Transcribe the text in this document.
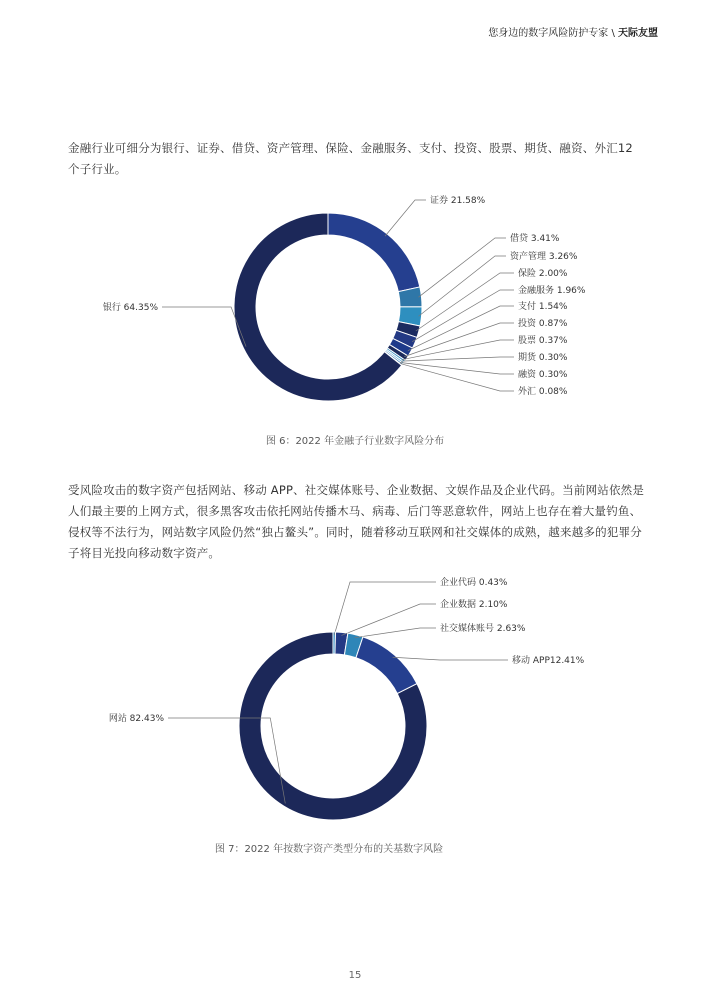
您身边的数字风险防护专家 \ 天际友盟
金融行业可细分为银行、证券、借贷、资产管理、保险、金融服务、支付、投资、股票、期货、融资、外汇12 个子行业。
证券 21.58%
借贷 3.41%
资产管理 3.26%
保险 2.00%
金融服务 1.96%
支付 1.54%
投资 0.87%
股票 0.37%
期货 0.30%
融资 0.30%
外汇 0.08%
银行 64.35%
图 6：2022 年金融子行业数字风险分布
受风险攻击的数字资产包括网站、移动 APP、社交媒体账号、企业数据、文娱作品及企业代码。当前网站依然是人们最主要的上网方式，很多黑客攻击依托网站传播木马、病毒、后门等恶意软件，网站上也存在着大量钓鱼、侵权等不法行为，网站数字风险仍然“独占鳌头”。同时，随着移动互联网和社交媒体的成熟，越来越多的犯罪分子将目光投向移动数字资产。
企业代码 0.43%
企业数据 2.10%
社交媒体账号 2.63%
移动 APP12.41%
网站 82.43%
图 7：2022 年按数字资产类型分布的关基数字风险
15
